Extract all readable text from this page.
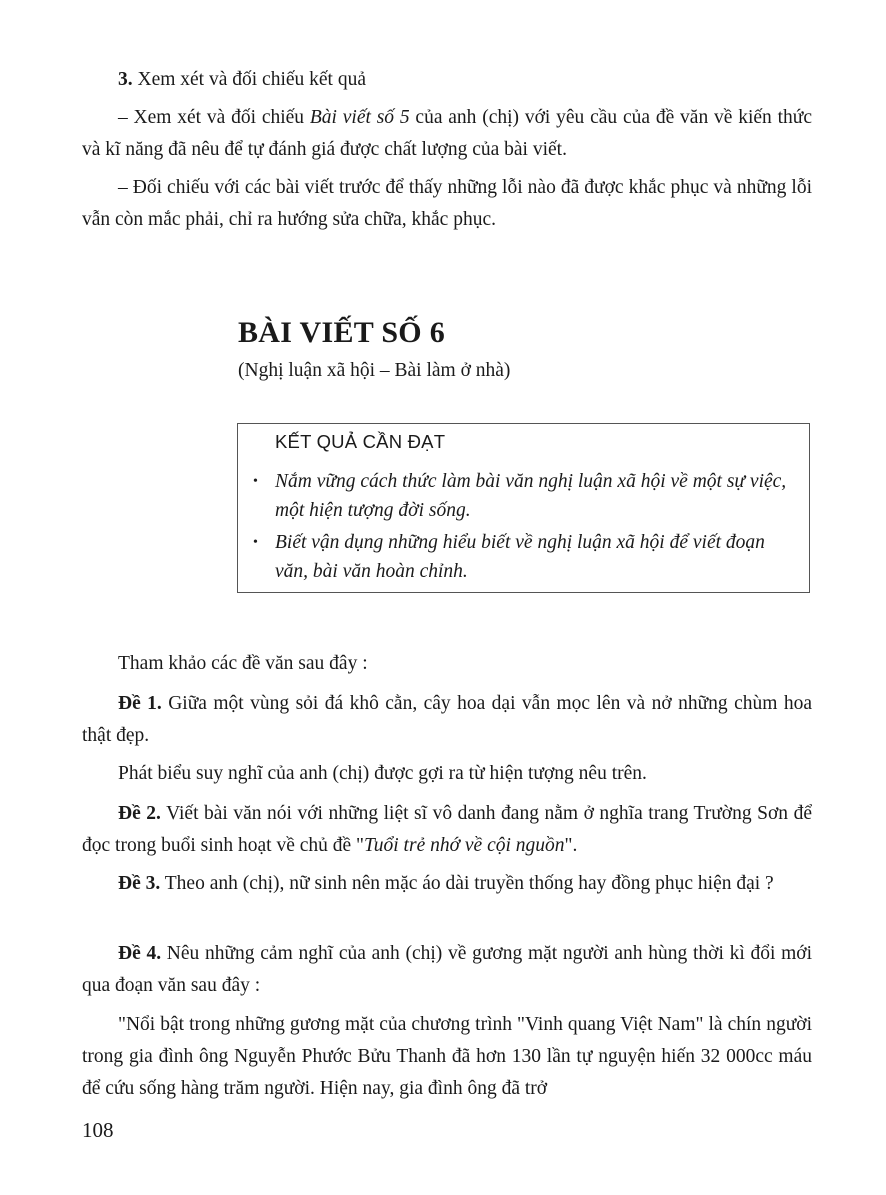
3. Xem xét và đối chiếu kết quả

– Xem xét và đối chiếu Bài viết số 5 của anh (chị) với yêu cầu của đề văn về kiến thức và kĩ năng đã nêu để tự đánh giá được chất lượng của bài viết.

– Đối chiếu với các bài viết trước để thấy những lỗi nào đã được khắc phục và những lỗi vẫn còn mắc phải, chỉ ra hướng sửa chữa, khắc phục.

BÀI VIẾT SỐ 6

(Nghị luận xã hội – Bài làm ở nhà)

KẾT QUẢ CẦN ĐẠT

• Nắm vững cách thức làm bài văn nghị luận xã hội về một sự việc, một hiện tượng đời sống.

• Biết vận dụng những hiểu biết về nghị luận xã hội để viết đoạn văn, bài văn hoàn chỉnh.

Tham khảo các đề văn sau đây :

Đề 1. Giữa một vùng sỏi đá khô cằn, cây hoa dại vẫn mọc lên và nở những chùm hoa thật đẹp.

Phát biểu suy nghĩ của anh (chị) được gợi ra từ hiện tượng nêu trên.

Đề 2. Viết bài văn nói với những liệt sĩ vô danh đang nằm ở nghĩa trang Trường Sơn để đọc trong buổi sinh hoạt về chủ đề "Tuổi trẻ nhớ về cội nguồn".

Đề 3. Theo anh (chị), nữ sinh nên mặc áo dài truyền thống hay đồng phục hiện đại ?

Đề 4. Nêu những cảm nghĩ của anh (chị) về gương mặt người anh hùng thời kì đổi mới qua đoạn văn sau đây :

"Nổi bật trong những gương mặt của chương trình "Vinh quang Việt Nam" là chín người trong gia đình ông Nguyễn Phước Bửu Thanh đã hơn 130 lần tự nguyện hiến 32 000cc máu để cứu sống hàng trăm người. Hiện nay, gia đình ông đã trở

108
